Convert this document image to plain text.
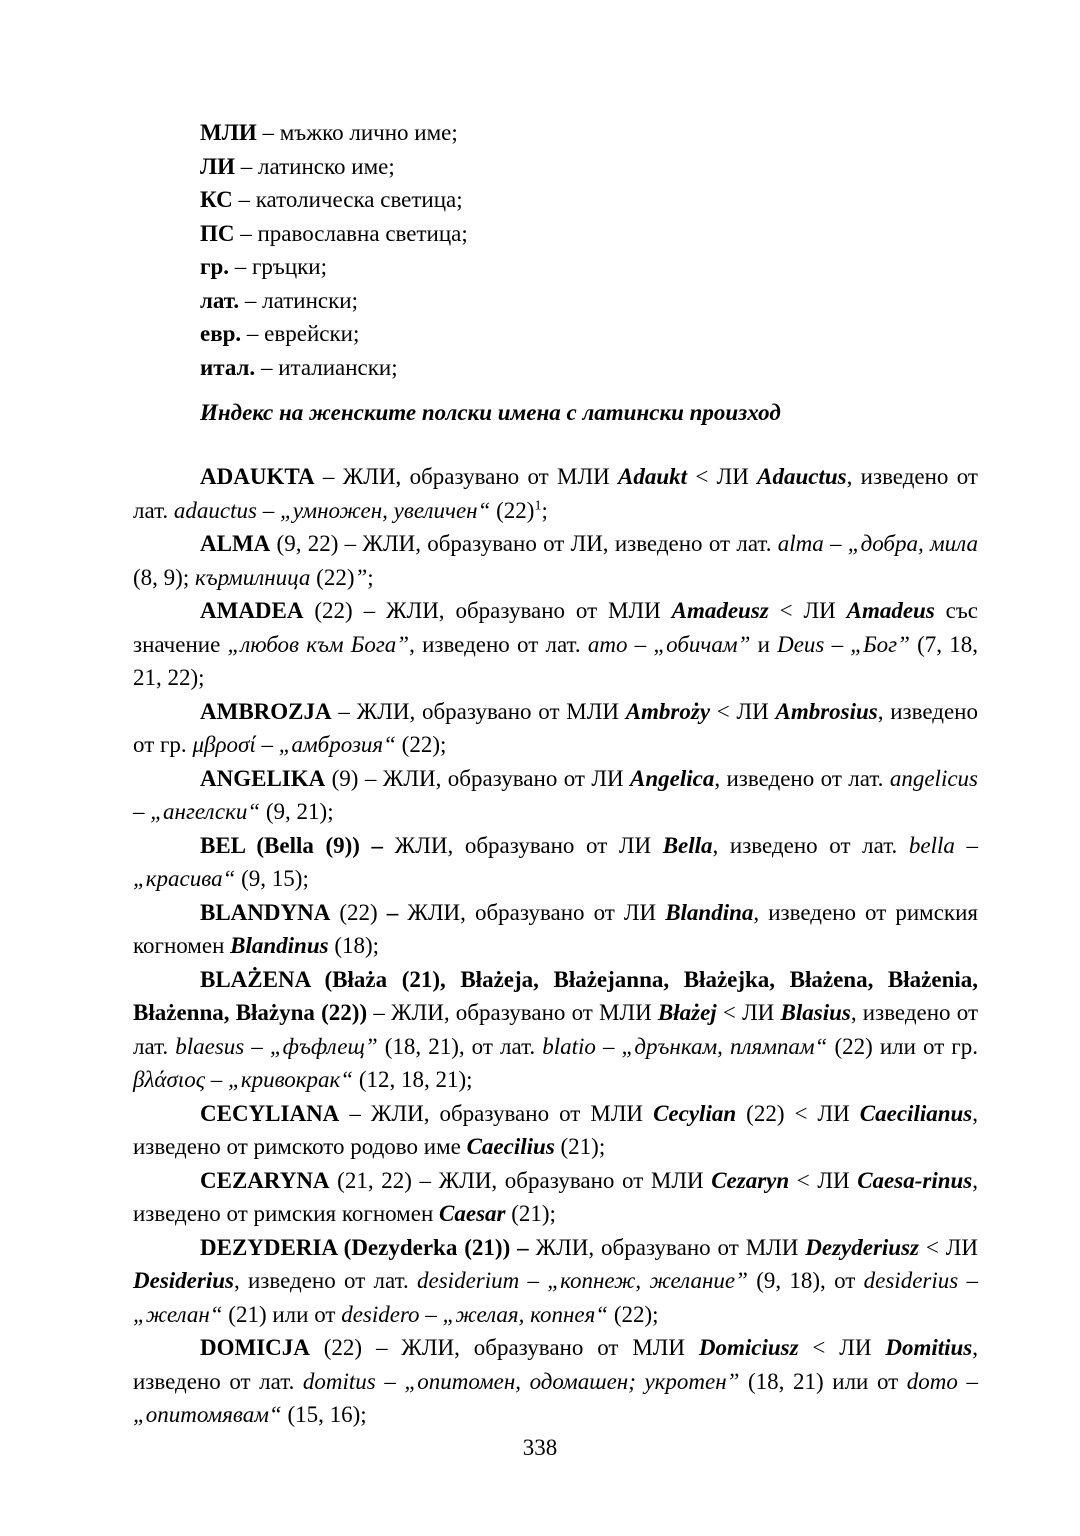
МЛИ – мъжко лично име;
ЛИ – латинско име;
КС – католическа светица;
ПС – православна светица;
гр. – гръцки;
лат. – латински;
евр. – еврейски;
итал. – италиански;
Индекс на женските полски имена с латински произход

ADAUKTA – ЖЛИ, образувано от МЛИ Adaukt < ЛИ Adauctus, изведено от лат. adauctus – „умножен, увеличен“ $(22)^1$;

ALMA (9, 22) – ЖЛИ, образувано от ЛИ, изведено от лат. alma – „добра, мила (8, 9); кърмилница (22)”;

AMADEA (22) – ЖЛИ, образувано от МЛИ Amadeusz < ЛИ Amadeus със значение „любов към Бога”, изведено от лат. amo – „обичам” и Deus – „Бог” (7, 18, 21, 22);

AMBROZJA – ЖЛИ, образувано от МЛИ Ambroży < ЛИ Ambrosius, изведено от гр. μβροσί – „амброзия“ (22);

ANGELIKA (9) – ЖЛИ, образувано от ЛИ Angelica, изведено от лат. angelicus – „ангелски“ (9, 21);

BEL (Bella (9)) – ЖЛИ, образувано от ЛИ Bella, изведено от лат. bella – „красива“ (9, 15);

BLANDYNA (22) – ЖЛИ, образувано от ЛИ Blandina, изведено от римския когномен Blandinus (18);

BLAŻENA (Błaża (21), Błażeja, Błażejanna, Błażejka, Błażena, Błażenia, Błażenna, Błażyna (22)) – ЖЛИ, образувано от МЛИ Błażej < ЛИ Blasius, изведено от лат. blaesus – „фъфлещ” (18, 21), от лат. blatio – „дрънкам, плямпам“ (22) или от гр. βλάσιος – „кривокрак“ (12, 18, 21);

CECYLIANA – ЖЛИ, образувано от МЛИ Cecylian (22) < ЛИ Caecilianus, изведено от римското родово име Caecilius (21);

CEZARYNA (21, 22) – ЖЛИ, образувано от МЛИ Cezaryn < ЛИ Caesa-rinus, изведено от римския когномен Caesar (21);

DEZYDERIA (Dezyderka (21)) – ЖЛИ, образувано от МЛИ Dezyderiusz < ЛИ Desiderius, изведено от лат. desiderium – „копнеж, желание” (9, 18), от desiderius – „желан“ (21) или от desidero – „желая, копнея“ (22);

DOMICJA (22) – ЖЛИ, образувано от МЛИ Domiciusz < ЛИ Domitius, изведено от лат. domitus – „опитомен, одомашен; укротен” (18, 21) или от domo – „опитомявам“ (15, 16);

338
